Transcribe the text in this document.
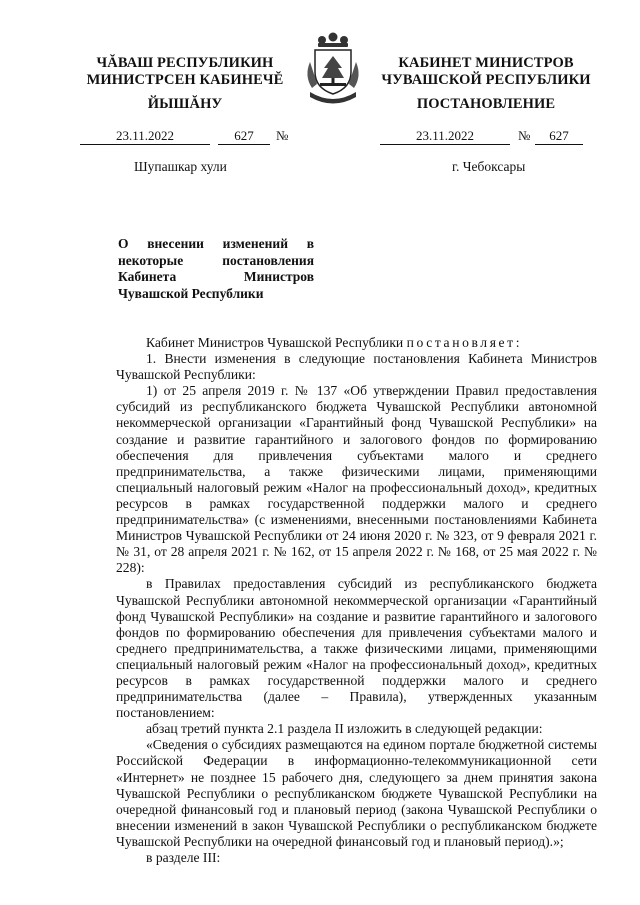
ЧĂВАШ РЕСПУБЛИКИН
МИНИСТРСЕН КАБИНЕЧĔ
КАБИНЕТ МИНИСТРОВ
ЧУВАШСКОЙ РЕСПУБЛИКИ
ЙЫШĂНУ	ПОСТАНОВЛЕНИЕ
23.11.2022	627	№	23.11.2022	№	627
Шупашкар хули	г. Чебоксары
О внесении изменений в некоторые постановления Кабинета Министров Чувашской Республики

Кабинет Министров Чувашской Республики постановляет:

1. Внести изменения в следующие постановления Кабинета Министров Чувашской Республики:

1) от 25 апреля 2019 г. № 137 «Об утверждении Правил предоставления субсидий из республиканского бюджета Чувашской Республики автономной некоммерческой организации «Гарантийный фонд Чувашской Республики» на создание и развитие гарантийного и залогового фондов по формированию обеспечения для привлечения субъектами малого и среднего предпринимательства, а также физическими лицами, применяющими специальный налоговый режим «Налог на профессиональный доход», кредитных ресурсов в рамках государственной поддержки малого и среднего предпринимательства» (с изменениями, внесенными постановлениями Кабинета Министров Чувашской Республики от 24 июня 2020 г. № 323, от 9 февраля 2021 г. № 31, от 28 апреля 2021 г. № 162, от 15 апреля 2022 г. № 168, от 25 мая 2022 г. № 228):

в Правилах предоставления субсидий из республиканского бюджета Чувашской Республики автономной некоммерческой организации «Гарантийный фонд Чувашской Республики» на создание и развитие гарантийного и залогового фондов по формированию обеспечения для привлечения субъектами малого и среднего предпринимательства, а также физическими лицами, применяющими специальный налоговый режим «Налог на профессиональный доход», кредитных ресурсов в рамках государственной поддержки малого и среднего предпринимательства (далее – Правила), утвержденных указанным постановлением:

абзац третий пункта 2.1 раздела II изложить в следующей редакции:

«Сведения о субсидиях размещаются на едином портале бюджетной системы Российской Федерации в информационно-телекоммуникационной сети «Интернет» не позднее 15 рабочего дня, следующего за днем принятия закона Чувашской Республики о республиканском бюджете Чувашской Республики на очередной финансовый год и плановый период (закона Чувашской Республики о внесении изменений в закон Чувашской Республики о республиканском бюджете Чувашской Республики на очередной финансовый год и плановый период).»;

в разделе III:
